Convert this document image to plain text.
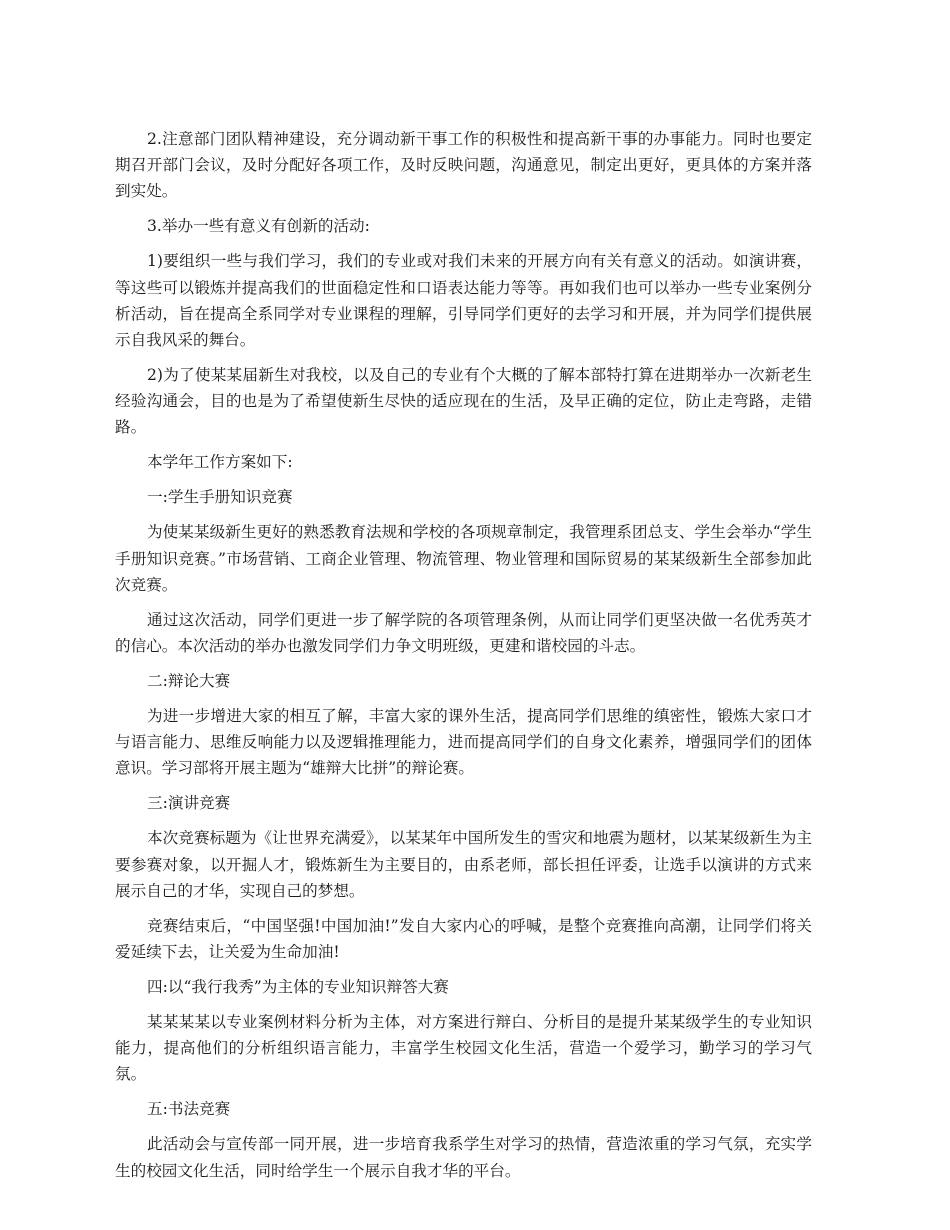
2.注意部门团队精神建设，充分调动新干事工作的积极性和提高新干事的办事能力。同时也要定期召开部门会议，及时分配好各项工作，及时反映问题，沟通意见，制定出更好，更具体的方案并落到实处。

3.举办一些有意义有创新的活动:

1)要组织一些与我们学习，我们的专业或对我们未来的开展方向有关有意义的活动。如演讲赛，等这些可以锻炼并提高我们的世面稳定性和口语表达能力等等。再如我们也可以举办一些专业案例分析活动，旨在提高全系同学对专业课程的理解，引导同学们更好的去学习和开展，并为同学们提供展示自我风采的舞台。

2)为了使某某届新生对我校，以及自己的专业有个大概的了解本部特打算在进期举办一次新老生经验沟通会，目的也是为了希望使新生尽快的适应现在的生活，及早正确的定位，防止走弯路，走错路。

本学年工作方案如下:

一:学生手册知识竞赛

为使某某级新生更好的熟悉教育法规和学校的各项规章制定，我管理系团总支、学生会举办“学生手册知识竞赛。”市场营销、工商企业管理、物流管理、物业管理和国际贸易的某某级新生全部参加此次竞赛。

通过这次活动，同学们更进一步了解学院的各项管理条例，从而让同学们更坚决做一名优秀英才的信心。本次活动的举办也激发同学们力争文明班级，更建和谐校园的斗志。

二:辩论大赛

为进一步增进大家的相互了解，丰富大家的课外生活，提高同学们思维的缜密性，锻炼大家口才与语言能力、思维反响能力以及逻辑推理能力，进而提高同学们的自身文化素养，增强同学们的团体意识。学习部将开展主题为“雄辩大比拼”的辩论赛。

三:演讲竞赛

本次竞赛标题为《让世界充满爱》，以某某年中国所发生的雪灾和地震为题材，以某某级新生为主要参赛对象，以开掘人才，锻炼新生为主要目的，由系老师，部长担任评委，让选手以演讲的方式来展示自己的才华，实现自己的梦想。

竞赛结束后，“中国坚强!中国加油!”发自大家内心的呼喊，是整个竞赛推向高潮，让同学们将关爱延续下去，让关爱为生命加油!

四:以“我行我秀”为主体的专业知识辩答大赛

某某某某以专业案例材料分析为主体，对方案进行辩白、分析目的是提升某某级学生的专业知识能力，提高他们的分析组织语言能力，丰富学生校园文化生活，营造一个爱学习，勤学习的学习气氛。

五:书法竞赛

此活动会与宣传部一同开展，进一步培育我系学生对学习的热情，营造浓重的学习气氛，充实学生的校园文化生活，同时给学生一个展示自我才华的平台。
